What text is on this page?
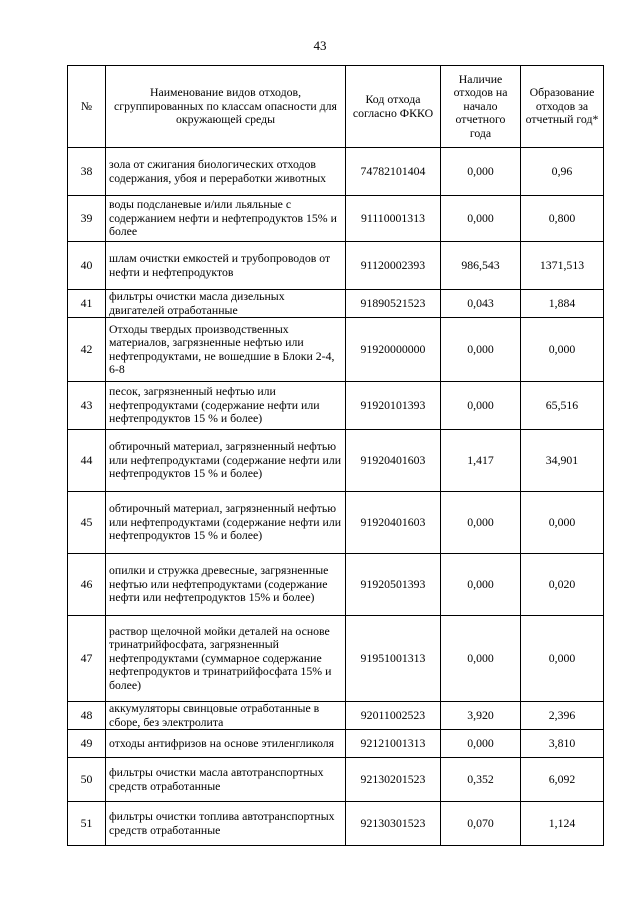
43
№	Наименование видов отходов, сгруппированных по классам опасности для окружающей среды	Код отхода согласно ФККО	Наличие отходов на начало отчетного года	Образование отходов за отчетный год*
38	зола от сжигания биологических отходов содержания, убоя и переработки животных	74782101404	0,000	0,96
39	воды подсланевые и/или льяльные с содержанием нефти и нефтепродуктов 15% и более	91110001313	0,000	0,800
40	шлам очистки емкостей и трубопроводов от нефти и нефтепродуктов	91120002393	986,543	1371,513
41	фильтры очистки масла дизельных двигателей отработанные	91890521523	0,043	1,884
42	Отходы твердых производственных материалов, загрязненные нефтью или нефтепродуктами, не вошедшие в Блоки 2-4, 6-8	91920000000	0,000	0,000
43	песок, загрязненный нефтью или нефтепродуктами (содержание нефти или нефтепродуктов 15 % и более)	91920101393	0,000	65,516
44	обтирочный материал, загрязненный нефтью или нефтепродуктами (содержание нефти или нефтепродуктов 15 % и более)	91920401603	1,417	34,901
45	обтирочный материал, загрязненный нефтью или нефтепродуктами (содержание нефти или нефтепродуктов 15 % и более)	91920401603	0,000	0,000
46	опилки и стружка древесные, загрязненные нефтью или нефтепродуктами (содержание нефти или нефтепродуктов 15% и более)	91920501393	0,000	0,020
47	раствор щелочной мойки деталей на основе тринатрийфосфата, загрязненный нефтепродуктами (суммарное содержание нефтепродуктов и тринатрийфосфата 15% и более)	91951001313	0,000	0,000
48	аккумуляторы свинцовые отработанные в сборе, без электролита	92011002523	3,920	2,396
49	отходы антифризов на основе этиленгликоля	92121001313	0,000	3,810
50	фильтры очистки масла автотранспортных средств отработанные	92130201523	0,352	6,092
51	фильтры очистки топлива автотранспортных средств отработанные	92130301523	0,070	1,124
